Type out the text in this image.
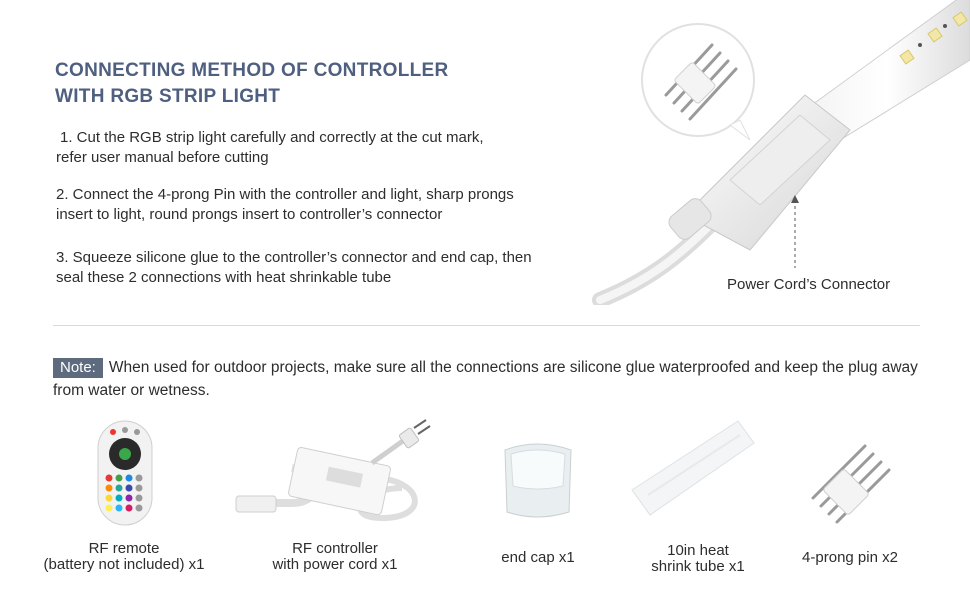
CONNECTING METHOD OF CONTROLLER
WITH RGB STRIP LIGHT
1. Cut the RGB strip light carefully and correctly at the cut mark,
refer user manual before cutting
2. Connect the 4-prong Pin with the controller and light, sharp prongs
insert to light, round prongs insert to controller’s connector
3. Squeeze silicone glue to the controller’s connector and end cap, then
seal these 2 connections with heat shrinkable tube	Power Cord’s Connector
Note: When used for outdoor projects, make sure all the connections are silicone glue waterproofed and keep the plug away from water or wetness.
RF remote
(battery not included) x1
RF controller
with power cord x1	end cap x1	10in heat
shrink tube x1
4-prong pin x2
